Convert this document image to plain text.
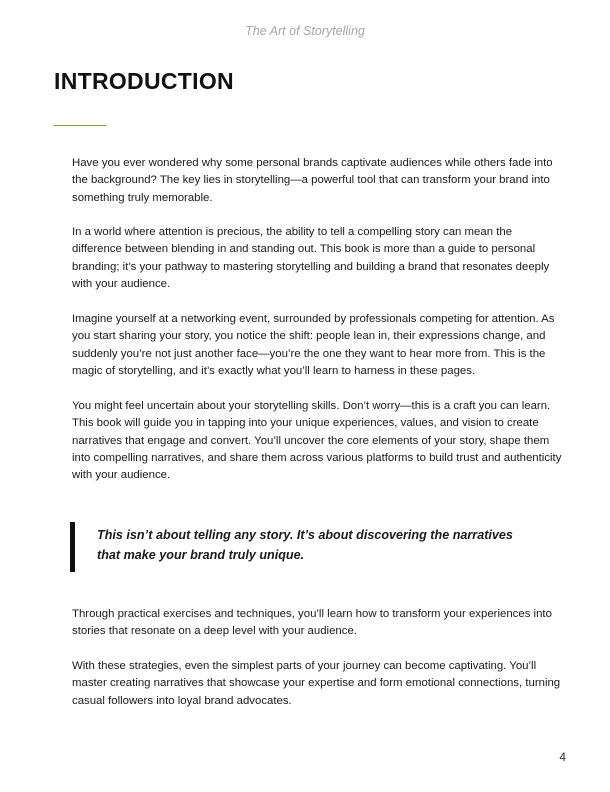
The Art of Storytelling
INTRODUCTION

Have you ever wondered why some personal brands captivate audiences while others fade into the background? The key lies in storytelling—a powerful tool that can transform your brand into something truly memorable.

In a world where attention is precious, the ability to tell a compelling story can mean the difference between blending in and standing out. This book is more than a guide to personal branding; it’s your pathway to mastering storytelling and building a brand that resonates deeply with your audience.

Imagine yourself at a networking event, surrounded by professionals competing for attention. As you start sharing your story, you notice the shift: people lean in, their expressions change, and suddenly you’re not just another face—you’re the one they want to hear more from. This is the magic of storytelling, and it’s exactly what you’ll learn to harness in these pages.

You might feel uncertain about your storytelling skills. Don’t worry—this is a craft you can learn. This book will guide you in tapping into your unique experiences, values, and vision to create narratives that engage and convert. You’ll uncover the core elements of your story, shape them into compelling narratives, and share them across various platforms to build trust and authenticity with your audience.

This isn’t about telling any story. It’s about discovering the narratives that make your brand truly unique.

Through practical exercises and techniques, you’ll learn how to transform your experiences into stories that resonate on a deep level with your audience.

With these strategies, even the simplest parts of your journey can become captivating. You’ll master creating narratives that showcase your expertise and form emotional connections, turning casual followers into loyal brand advocates.

4
